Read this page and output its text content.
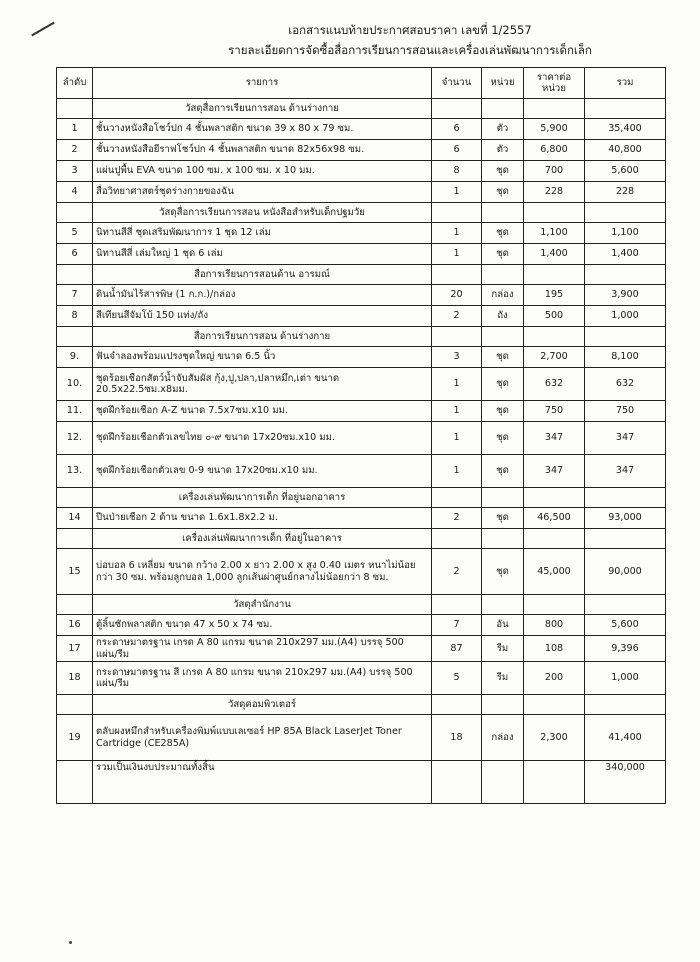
เอกสารแนบท้ายประกาศสอบราคา เลขที่ 1/2557
รายละเอียดการจัดซื้อสื่อการเรียนการสอนและเครื่องเล่นพัฒนาการเด็กเล็ก
ลำดับ	รายการ	จำนวน	หน่วย	ราคาต่อ หน่วย	รวม
	วัสดุสื่อการเรียนการสอน ด้านร่างกาย				
1	ชั้นวางหนังสือโชว์ปก 4 ชั้นพลาสติก ขนาด 39 x 80 x 79 ซม.	6	ตัว	5,900	35,400
2	ชั้นวางหนังสือยีราฟโชว์ปก 4 ชั้นพลาสติก ขนาด 82x56x98 ซม.	6	ตัว	6,800	40,800
3	แผ่นปูพื้น EVA ขนาด 100 ซม. x 100 ซม. x 10 มม.	8	ชุด	700	5,600
4	สื่อวิทยาศาสตร์ชุดร่างกายของฉัน	1	ชุด	228	228
	วัสดุสื่อการเรียนการสอน หนังสือสำหรับเด็กปฐมวัย				
5	นิทานสีสี่ ชุดเสริมพัฒนาการ 1 ชุด 12 เล่ม	1	ชุด	1,100	1,100
6	นิทานสีสี่ เล่มใหญ่ 1 ชุด 6 เล่ม	1	ชุด	1,400	1,400
	สื่อการเรียนการสอนด้าน อารมณ์				
7	ดินน้ำมันไร้สารพิษ (1 ก.ก.)/กล่อง	20	กล่อง	195	3,900
8	สีเทียนสีจัมโบ้ 150 แท่ง/ถัง	2	ถัง	500	1,000
	สื่อการเรียนการสอน ด้านร่างกาย				
9.	ฟันจำลองพร้อมแปรงชุดใหญ่ ขนาด 6.5 นิ้ว	3	ชุด	2,700	8,100
10.	ชุดร้อยเชือกสัตว์น้ำจับสัมผัส กุ้ง,ปู,ปลา,ปลาหมึก,เต่า ขนาด 20.5x22.5ซม.x8มม.	1	ชุด	632	632
11.	ชุดฝึกร้อยเชือก A-Z ขนาด 7.5x7ซม.x10 มม.	1	ชุด	750	750
12.	ชุดฝึกร้อยเชือกตัวเลขไทย ๐-๙ ขนาด 17x20ซม.x10 มม.	1	ชุด	347	347
13.	ชุดฝึกร้อยเชือกตัวเลข 0-9 ขนาด 17x20ซม.x10 มม.	1	ชุด	347	347
	เครื่องเล่นพัฒนาการเด็ก ที่อยู่นอกอาคาร				
14	ปีนป่ายเชือก 2 ด้าน ขนาด 1.6x1.8x2.2 ม.	2	ชุด	46,500	93,000
	เครื่องเล่นพัฒนาการเด็ก ที่อยู่ในอาคาร				
15	บ่อบอล 6 เหลี่ยม ขนาด กว้าง 2.00 x ยาว 2.00 x สูง 0.40 เมตร หนาไม่น้อยกว่า 30 ซม. พร้อมลูกบอล 1,000 ลูกเส้นผ่าศูนย์กลางไม่น้อยกว่า 8 ซม.	2	ชุด	45,000	90,000
	วัสดุสำนักงาน				
16	ตู้ลิ้นชักพลาสติก ขนาด 47 x 50 x 74 ซม.	7	อัน	800	5,600
17	กระดาษมาตรฐาน เกรด A 80 แกรม ขนาด 210x297 มม.(A4) บรรจุ 500 แผ่น/รีม	87	รีม	108	9,396
18	กระดาษมาตรฐาน สี เกรด A 80 แกรม ขนาด 210x297 มม.(A4) บรรจุ 500 แผ่น/รีม	5	รีม	200	1,000
	วัสดุคอมพิวเตอร์				
19	ตลับผงหมึกสำหรับเครื่องพิมพ์แบบเลเซอร์ HP 85A Black LaserJet Toner Cartridge (CE285A)	18	กล่อง	2,300	41,400
	รวมเป็นเงินงบประมาณทั้งสิ้น				340,000
